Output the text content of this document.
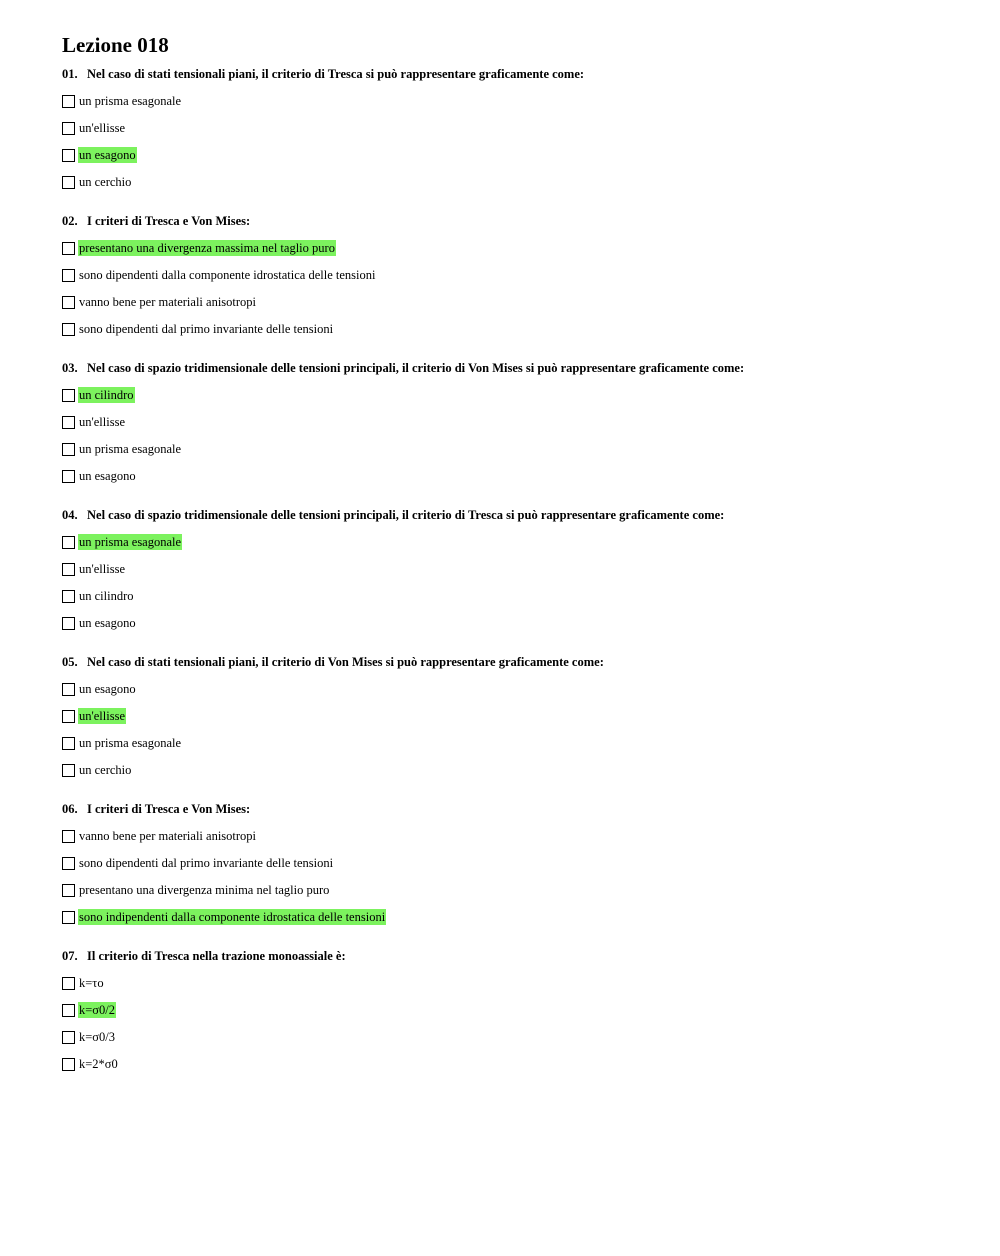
Lezione 018
01. Nel caso di stati tensionali piani, il criterio di Tresca si può rappresentare graficamente come:
un prisma esagonale
un'ellisse
un esagono
un cerchio
02. I criteri di Tresca e Von Mises:
presentano una divergenza massima nel taglio puro
sono dipendenti dalla componente idrostatica delle tensioni
vanno bene per materiali anisotropi
sono dipendenti dal primo invariante delle tensioni
03. Nel caso di spazio tridimensionale delle tensioni principali, il criterio di Von Mises si può rappresentare graficamente come:
un cilindro
un'ellisse
un prisma esagonale
un esagono
04. Nel caso di spazio tridimensionale delle tensioni principali, il criterio di Tresca si può rappresentare graficamente come:
un prisma esagonale
un'ellisse
un cilindro
un esagono
05. Nel caso di stati tensionali piani, il criterio di Von Mises si può rappresentare graficamente come:
un esagono
un'ellisse
un prisma esagonale
un cerchio
06. I criteri di Tresca e Von Mises:
vanno bene per materiali anisotropi
sono dipendenti dal primo invariante delle tensioni
presentano una divergenza minima nel taglio puro
sono indipendenti dalla componente idrostatica delle tensioni
07. Il criterio di Tresca nella trazione monoassiale è:
k=τo
k=σ0/2
k=σ0/3
k=2*σ0
